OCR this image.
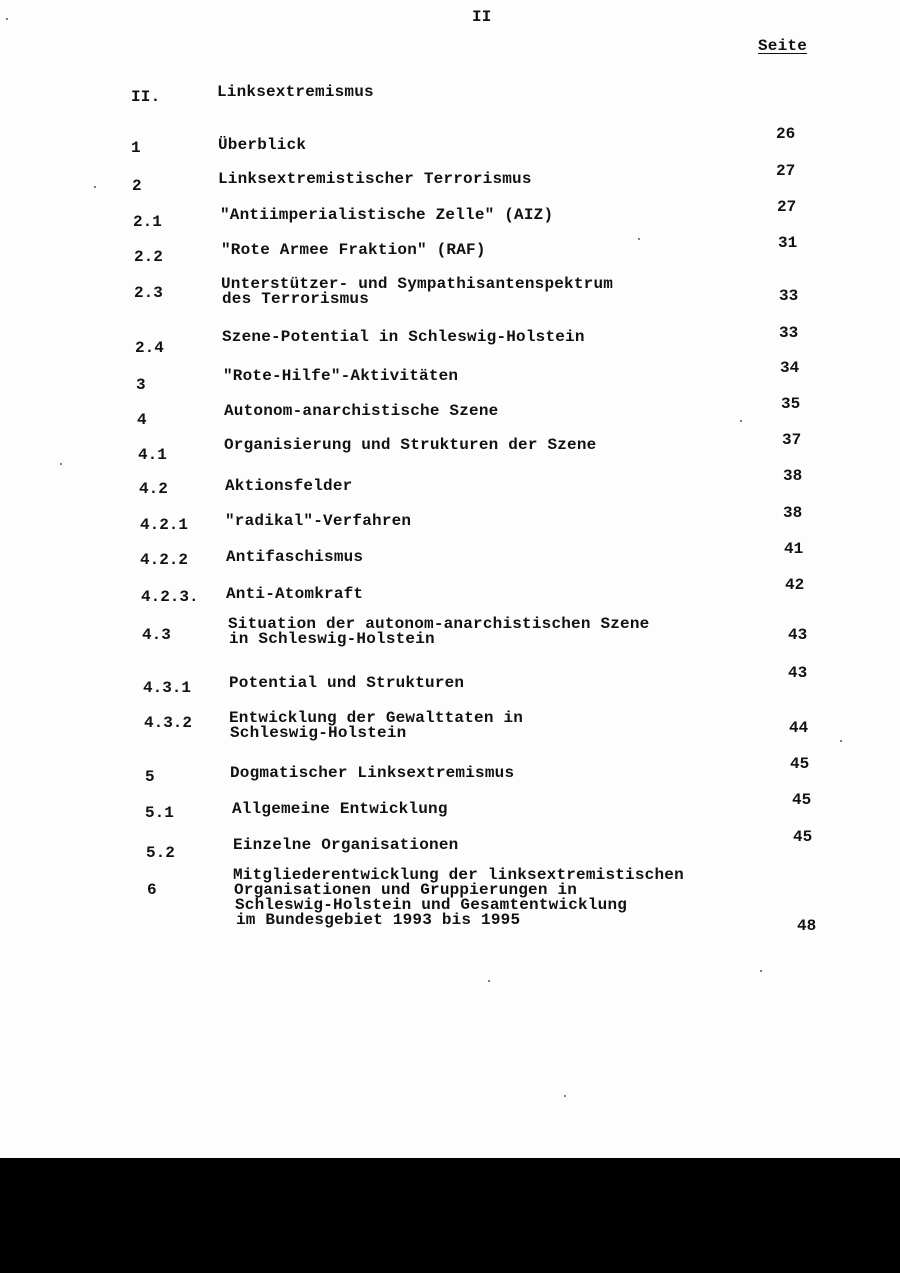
II
Seite
II.	Linksextremismus
1	Überblick
26
2	Linksextremistischer Terrorismus	27
2.1	"Antiimperialistische Zelle" (AIZ)	27
2.2	"Rote Armee Fraktion" (RAF)	31
2.3	Unterstützer- und Sympathisantenspektrum
des Terrorismus	33
2.4
Szene-Potential in Schleswig-Holstein	33
3	"Rote-Hilfe"-Aktivitäten	34
4	Autonom-anarchistische Szene	35
4.1
Organisierung und Strukturen der Szene	37
4.2	Aktionsfelder
38
4.2.1 "radikal"-Verfahren	38
4.2.2 Antifaschismus	41
4.2.3. Anti-Atomkraft	42
4.3
Situation der autonom-anarchistischen Szene
in Schleswig-Holstein	43
4.3.1 Potential und Strukturen
43
4.3.2 Entwicklung der Gewalttaten in
Schleswig-Holstein	44
5	Dogmatischer Linksextremismus	45
5.1	Allgemeine Entwicklung	45
5.2	Einzelne Organisationen	45
6
Mitgliederentwicklung der linksextremistischen
Organisationen und Gruppierungen in
Schleswig-Holstein und Gesamtentwicklung
im Bundesgebiet 1993 bis 1995	48
